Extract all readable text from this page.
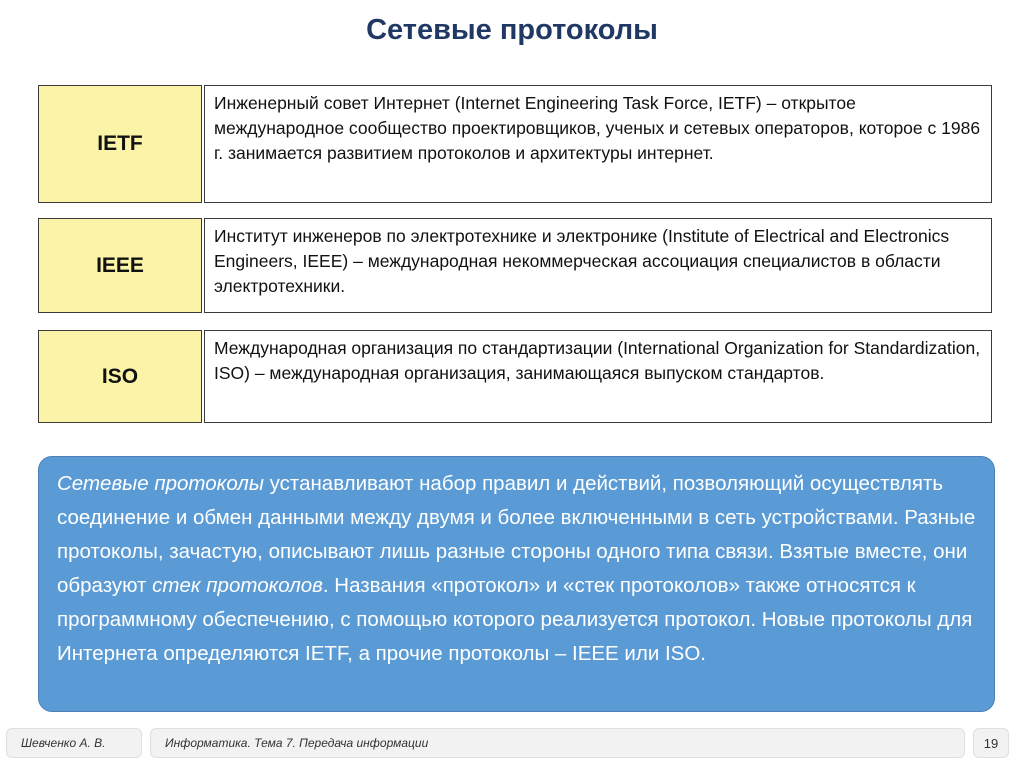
Сетевые протоколы
IETF
Инженерный совет Интернет (Internet Engineering Task Force, IETF) – открытое международное сообщество проектировщиков, ученых и сетевых операторов, которое с 1986 г. занимается развитием протоколов и архитектуры интернет.
IEEE
Институт инженеров по электротехнике и электронике (Institute of Electrical and Electronics Engineers, IEEE) – международная некоммерческая ассоциация специалистов в области электротехники.
ISO
Международная организация по стандартизации (International Organization for Standardization, ISO) – международная организация, занимающаяся выпуском стандартов.
Сетевые протоколы устанавливают набор правил и действий, позволяющий осуществлять соединение и обмен данными между двумя и более включенными в сеть устройствами. Разные протоколы, зачастую, описывают лишь разные стороны одного типа связи. Взятые вместе, они образуют стек протоколов. Названия «протокол» и «стек протоколов» также относятся к программному обеспечению, с помощью которого реализуется протокол. Новые протоколы для Интернета определяются IETF, а прочие протоколы – IEEE или ISO.
Шевченко А. В.	Информатика. Тема 7. Передача информации	19
